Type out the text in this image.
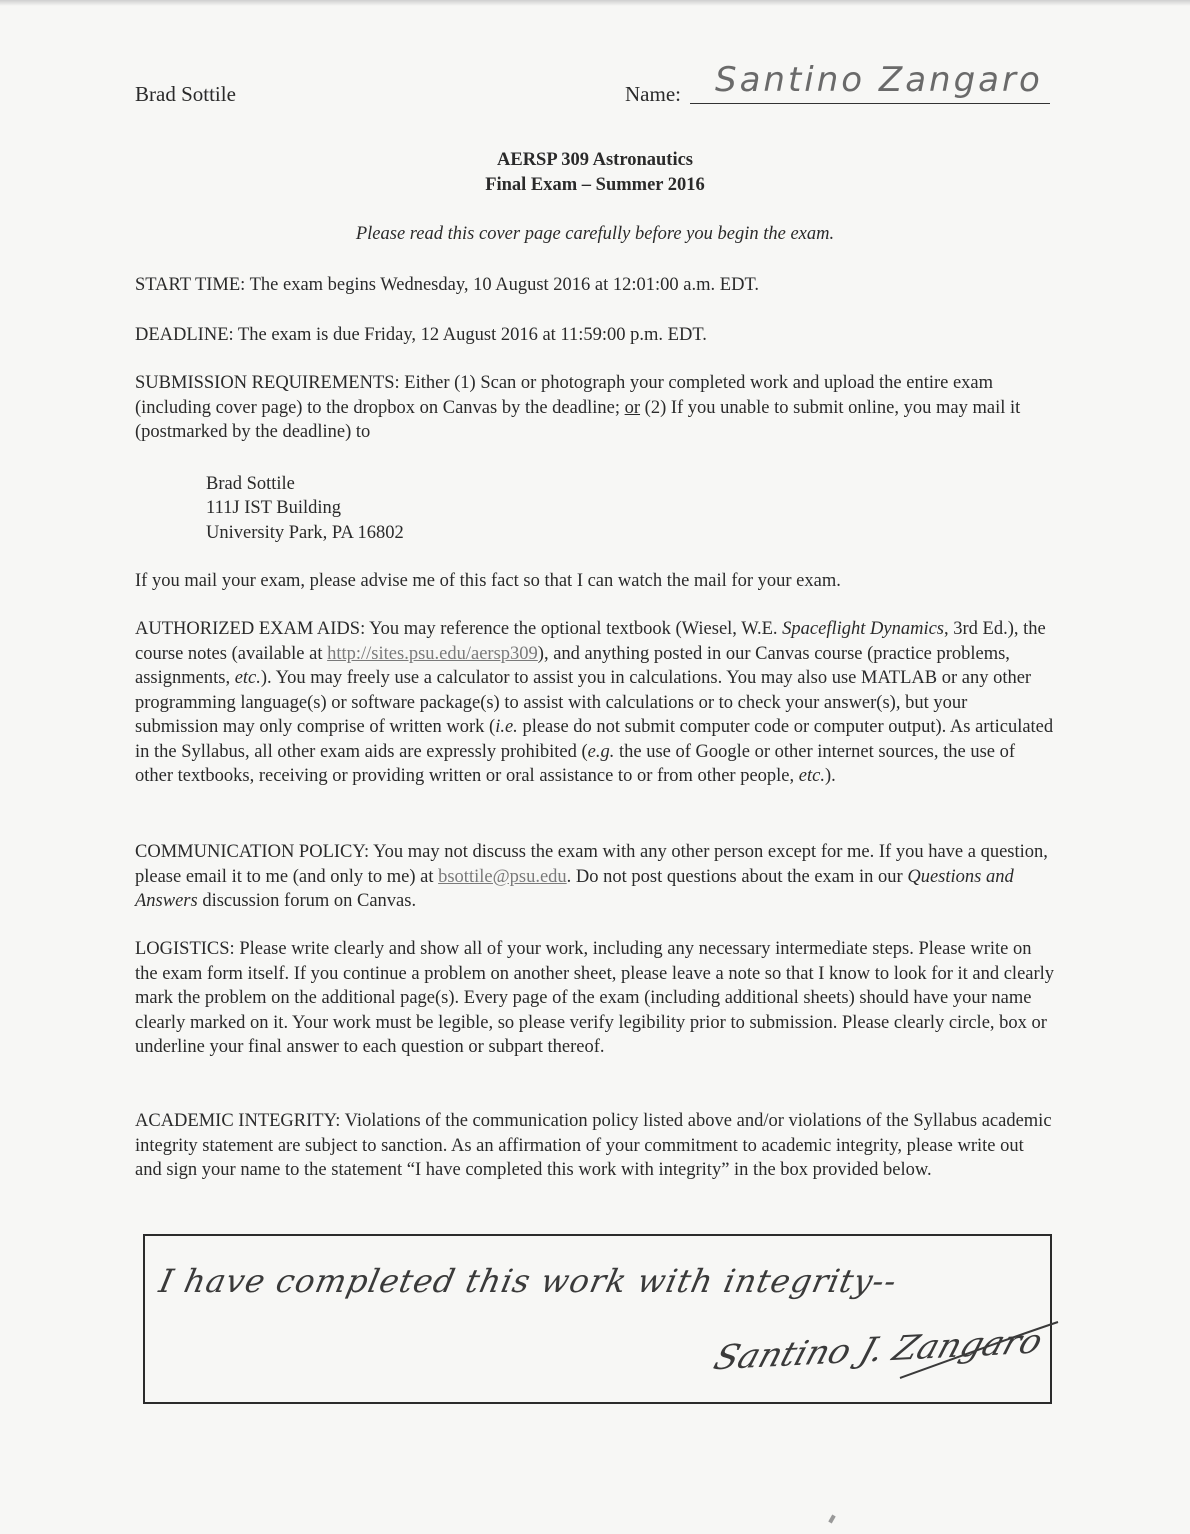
Brad Sottile	Name: Santino Zangaro
AERSP 309 Astronautics
Final Exam – Summer 2016
Please read this cover page carefully before you begin the exam.
START TIME: The exam begins Wednesday, 10 August 2016 at 12:01:00 a.m. EDT.
DEADLINE: The exam is due Friday, 12 August 2016 at 11:59:00 p.m. EDT.
SUBMISSION REQUIREMENTS: Either (1) Scan or photograph your completed work and upload the entire exam (including cover page) to the dropbox on Canvas by the deadline; or (2) If you unable to submit online, you may mail it (postmarked by the deadline) to
Brad Sottile
111J IST Building
University Park, PA 16802
If you mail your exam, please advise me of this fact so that I can watch the mail for your exam.
AUTHORIZED EXAM AIDS: You may reference the optional textbook (Wiesel, W.E. Spaceflight Dynamics, 3rd Ed.), the course notes (available at http://sites.psu.edu/aersp309), and anything posted in our Canvas course (practice problems, assignments, etc.). You may freely use a calculator to assist you in calculations. You may also use MATLAB or any other programming language(s) or software package(s) to assist with calculations or to check your answer(s), but your submission may only comprise of written work (i.e. please do not submit computer code or computer output). As articulated in the Syllabus, all other exam aids are expressly prohibited (e.g. the use of Google or other internet sources, the use of other textbooks, receiving or providing written or oral assistance to or from other people, etc.).
COMMUNICATION POLICY: You may not discuss the exam with any other person except for me. If you have a question, please email it to me (and only to me) at bsottile@psu.edu. Do not post questions about the exam in our Questions and Answers discussion forum on Canvas.
LOGISTICS: Please write clearly and show all of your work, including any necessary intermediate steps. Please write on the exam form itself. If you continue a problem on another sheet, please leave a note so that I know to look for it and clearly mark the problem on the additional page(s). Every page of the exam (including additional sheets) should have your name clearly marked on it. Your work must be legible, so please verify legibility prior to submission. Please clearly circle, box or underline your final answer to each question or subpart thereof.
ACADEMIC INTEGRITY: Violations of the communication policy listed above and/or violations of the Syllabus academic integrity statement are subject to sanction. As an affirmation of your commitment to academic integrity, please write out and sign your name to the statement “I have completed this work with integrity” in the box provided below.
I have completed this work with integrity--
Santino J. Zangaro
